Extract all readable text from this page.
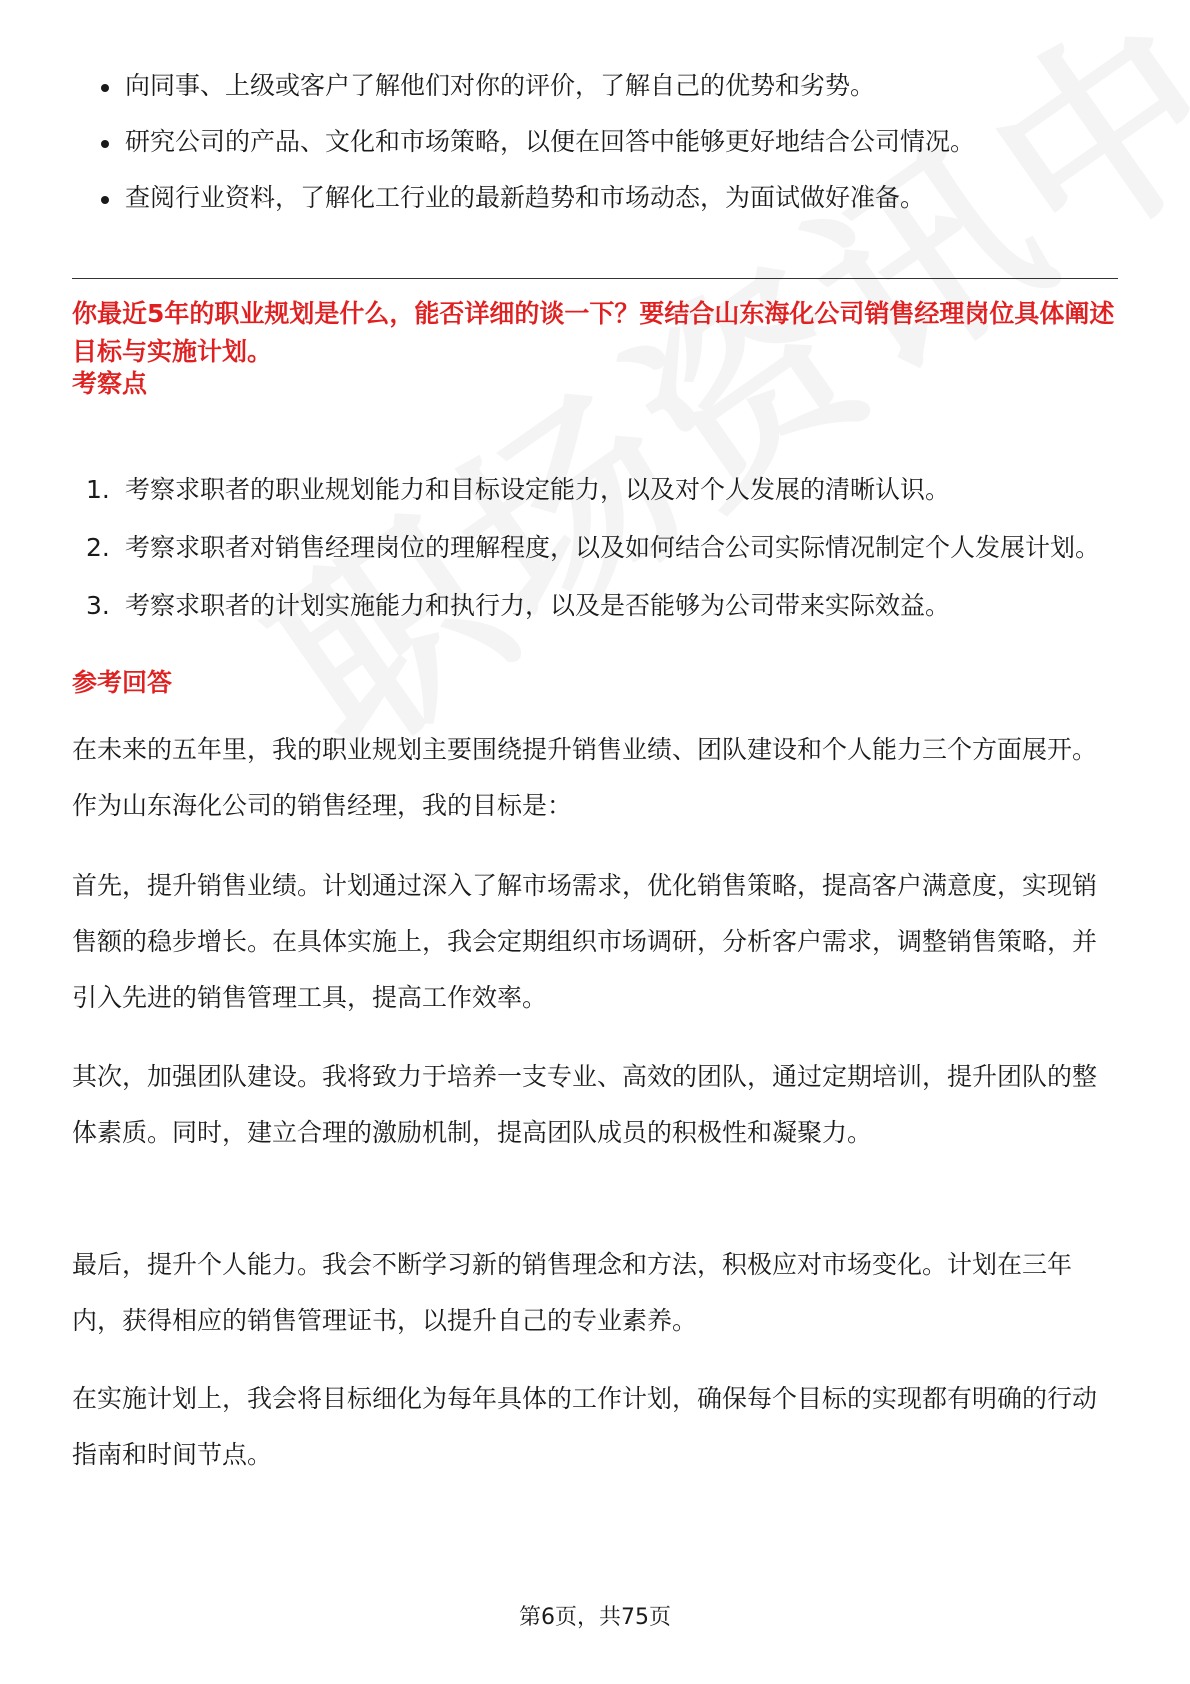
向同事、上级或客户了解他们对你的评价，了解自己的优势和劣势。
研究公司的产品、文化和市场策略，以便在回答中能够更好地结合公司情况。
查阅行业资料，了解化工行业的最新趋势和市场动态，为面试做好准备。
你最近5年的职业规划是什么，能否详细的谈一下？要结合山东海化公司销售经理岗位具体阐述目标与实施计划。
考察点
1. 考察求职者的职业规划能力和目标设定能力，以及对个人发展的清晰认识。
2. 考察求职者对销售经理岗位的理解程度，以及如何结合公司实际情况制定个人发展计划。
3. 考察求职者的计划实施能力和执行力，以及是否能够为公司带来实际效益。
参考回答
在未来的五年里，我的职业规划主要围绕提升销售业绩、团队建设和个人能力三个方面展开。作为山东海化公司的销售经理，我的目标是：
首先，提升销售业绩。计划通过深入了解市场需求，优化销售策略，提高客户满意度，实现销售额的稳步增长。在具体实施上，我会定期组织市场调研，分析客户需求，调整销售策略，并引入先进的销售管理工具，提高工作效率。
其次，加强团队建设。我将致力于培养一支专业、高效的团队，通过定期培训，提升团队的整体素质。同时，建立合理的激励机制，提高团队成员的积极性和凝聚力。
最后，提升个人能力。我会不断学习新的销售理念和方法，积极应对市场变化。计划在三年内，获得相应的销售管理证书，以提升自己的专业素养。
在实施计划上，我会将目标细化为每年具体的工作计划，确保每个目标的实现都有明确的行动指南和时间节点。
第6页，共75页
